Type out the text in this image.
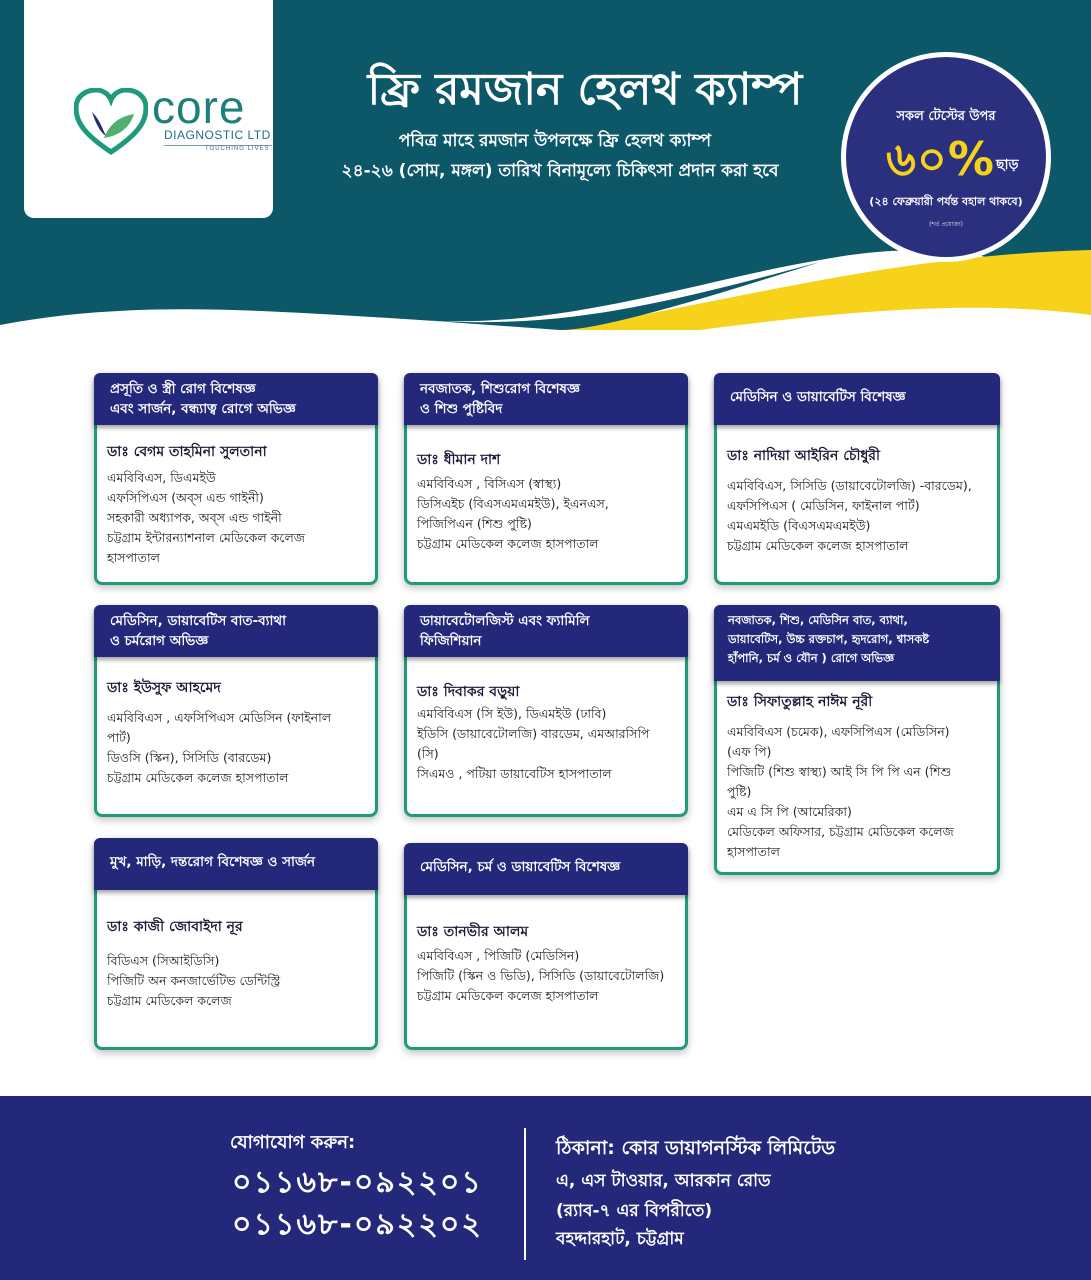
core
DIAGNOSTIC LTD
TOUCHING LIVES
ফ্রি রমজান হেলথ ক্যাম্প
পবিত্র মাহে রমজান উপলক্ষে ফ্রি হেলথ ক্যাম্প
২৪-২৬ (সোম, মঙ্গল) তারিখ বিনামূল্যে চিকিৎসা প্রদান করা হবে
সকল টেস্টের উপর
৬০% ছাড়
(২৪ ফেব্রুয়ারী পর্যন্ত বহাল থাকবে)
(শর্ত প্রযোজ্য)
প্রসূতি ও স্ত্রী রোগ বিশেষজ্ঞ
এবং সার্জন, বন্ধ্যাত্ব রোগে অভিজ্ঞ
ডাঃ বেগম তাহমিনা সুলতানা
এমবিবিএস, ডিএমইউ
এফসিপিএস (অব্স এন্ড গাইনী)
সহকারী অধ্যাপক, অব্স এন্ড গাইনী
চট্টগ্রাম ইন্টারন্যাশনাল মেডিকেল কলেজ
হাসপাতাল
নবজাতক, শিশুরোগ বিশেষজ্ঞ
ও শিশু পুষ্টিবিদ
ডাঃ ধীমান দাশ
এমবিবিএস , বিসিএস (স্বাস্থ্য)
ডিসিএইচ (বিএসএমএমইউ), ইএনএস,
পিজিপিএন (শিশু পুষ্টি)
চট্টগ্রাম মেডিকেল কলেজ হাসপাতাল
মেডিসিন ও ডায়াবেটিস বিশেষজ্ঞ
ডাঃ নাদিয়া আইরিন চৌধুরী
এমবিবিএস, সিসিডি (ডায়াবেটোলজি) -বারডেম),
এফসিপিএস ( মেডিসিন, ফাইনাল পার্ট)
এমএমইডি (বিএসএমএমইউ)
চট্টগ্রাম মেডিকেল কলেজ হাসপাতাল
মেডিসিন, ডায়াবেটিস বাত-ব্যাথা
ও চর্মরোগ অভিজ্ঞ
ডাঃ ইউসুফ আহমেদ
এমবিবিএস , এফসিপিএস মেডিসিন (ফাইনাল
পার্ট)
ডিওসি (স্কিন), সিসিডি (বারডেম)
চট্টগ্রাম মেডিকেল কলেজ হাসপাতাল
ডায়াবেটোলজিস্ট এবং ফ্যামিলি
ফিজিশিয়ান
ডাঃ দিবাকর বড়ুয়া
এমবিবিএস (সি ইউ), ডিএমইউ (ঢাবি)
ইডিসি (ডায়াবেটোলজি) বারডেম, এমআরসিপি
(সি)
সিএমও , পটিয়া ডায়াবেটিস হাসপাতাল
নবজাতক, শিশু, মেডিসিন বাত, ব্যাথা,
ডায়াবেটিস, উচ্চ রক্তচাপ, হৃদরোগ, শ্বাসকষ্ট
হাঁপানি, চর্ম ও যৌন ) রোগে অভিজ্ঞ
ডাঃ সিফাতুল্লাহ নাঈম নূরী
এমবিবিএস (চমেক), এফসিপিএস (মেডিসিন)
(এফ পি)
পিজিটি (শিশু স্বাস্থ্য) আই সি পি পি এন (শিশু
পুষ্টি)
এম এ সি পি (আমেরিকা)
মেডিকেল অফিসার, চট্টগ্রাম মেডিকেল কলেজ
হাসপাতাল
মুখ, মাড়ি, দন্তরোগ বিশেষজ্ঞ ও সার্জন
ডাঃ কাজী জোবাইদা নূর
বিডিএস (সিআইডিসি)
পিজিটি অন কনজার্ভেটিভ ডেন্টিস্ট্রি
চট্টগ্রাম মেডিকেল কলেজ
মেডিসিন, চর্ম ও ডায়াবেটিস বিশেষজ্ঞ
ডাঃ তানভীর আলম
এমবিবিএস , পিজিটি (মেডিসিন)
পিজিটি (স্কিন ও ভিডি), সিসিডি (ডায়াবেটোলজি)
চট্টগ্রাম মেডিকেল কলেজ হাসপাতাল
যোগাযোগ করুন:
০১১৬৮-০৯২২০১
০১১৬৮-০৯২২০২
ঠিকানা: কোর ডায়াগনস্টিক লিমিটেড
এ, এস টাওয়ার, আরকান রোড
(র‍্যাব-৭ এর বিপরীতে)
বহদ্দারহাট, চট্টগ্রাম
